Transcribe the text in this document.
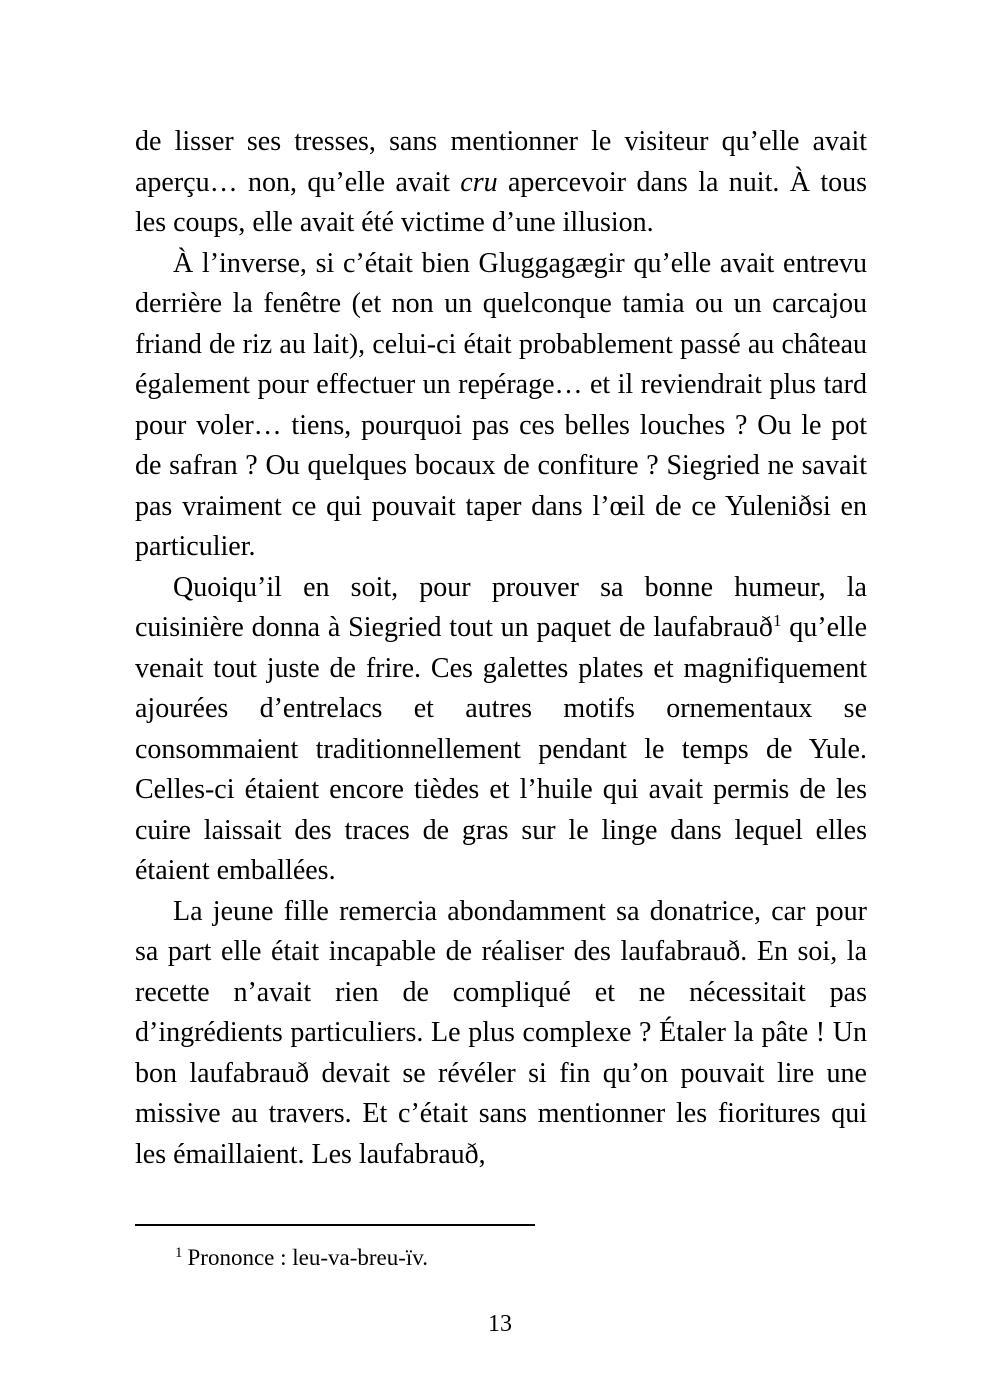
de lisser ses tresses, sans mentionner le visiteur qu’elle avait aperçu… non, qu’elle avait cru apercevoir dans la nuit. À tous les coups, elle avait été victime d’une illusion.

À l’inverse, si c’était bien Gluggagægir qu’elle avait entrevu derrière la fenêtre (et non un quelconque tamia ou un carcajou friand de riz au lait), celui-ci était probablement passé au château également pour effectuer un repérage… et il reviendrait plus tard pour voler… tiens, pourquoi pas ces belles louches ? Ou le pot de safran ? Ou quelques bocaux de confiture ? Siegried ne savait pas vraiment ce qui pouvait taper dans l’œil de ce Yuleniðsi en particulier.

Quoiqu’il en soit, pour prouver sa bonne humeur, la cuisinière donna à Siegried tout un paquet de laufabrauð$^1$ qu’elle venait tout juste de frire. Ces galettes plates et magnifiquement ajourées d’entrelacs et autres motifs ornementaux se consommaient traditionnellement pendant le temps de Yule. Celles-ci étaient encore tièdes et l’huile qui avait permis de les cuire laissait des traces de gras sur le linge dans lequel elles étaient emballées.

La jeune fille remercia abondamment sa donatrice, car pour sa part elle était incapable de réaliser des laufabrauð. En soi, la recette n’avait rien de compliqué et ne nécessitait pas d’ingrédients particuliers. Le plus complexe ? Étaler la pâte ! Un bon laufabrauð devait se révéler si fin qu’on pouvait lire une missive au travers. Et c’était sans mentionner les fioritures qui les émaillaient. Les laufabrauð,

$^1$ Prononce : leu-va-breu-ïv.
13
